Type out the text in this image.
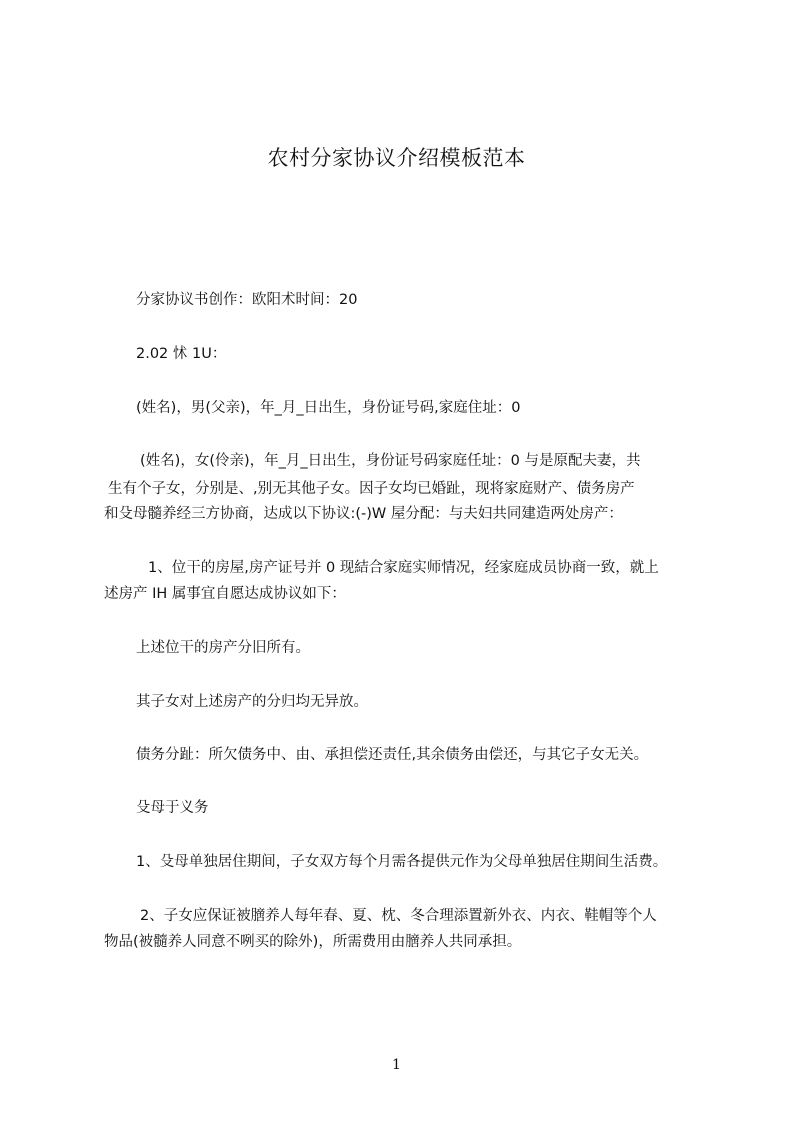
农村分家协议介绍模板范本
分家协议书创作：欧阳术时间：20
2.02 怵 1U：
(姓名)，男(父亲)，年_月_日出生，身份证号码,家庭住址：0
(姓名)，女(伶亲)，年_月_日出生，身份证号码家庭任址：0 与是原配夫妻，共
生有个子女，分别是、,别无其他子女。因子女均已婚趾，现将家庭财产、债务房产
和殳母髓养经三方协商，达成以下协议:(-)W 屋分配：与夫妇共同建造两处房产：
1、位干的房屋,房产证号并 0 现結合家庭实师情况，经家庭成员协商一致，就上
述房产 IH 属事宜自愿达成协议如下：
上述位干的房产分旧所有。
其子女对上述房产的分归均无异放。
债务分趾：所欠债务中、由、承担偿还责任,其余债务由偿还，与其它子女无关。
殳母于义务
1、殳母单独居住期间，子女双方每个月需各提供元作为父母单独居住期间生活费。
2、子女应保证被膪养人每年春、夏、枕、冬合理添置新外衣、内衣、鞋帽等个人
物品(被髓养人同意不咧买的除外)，所需费用由膪养人共同承担。
1
